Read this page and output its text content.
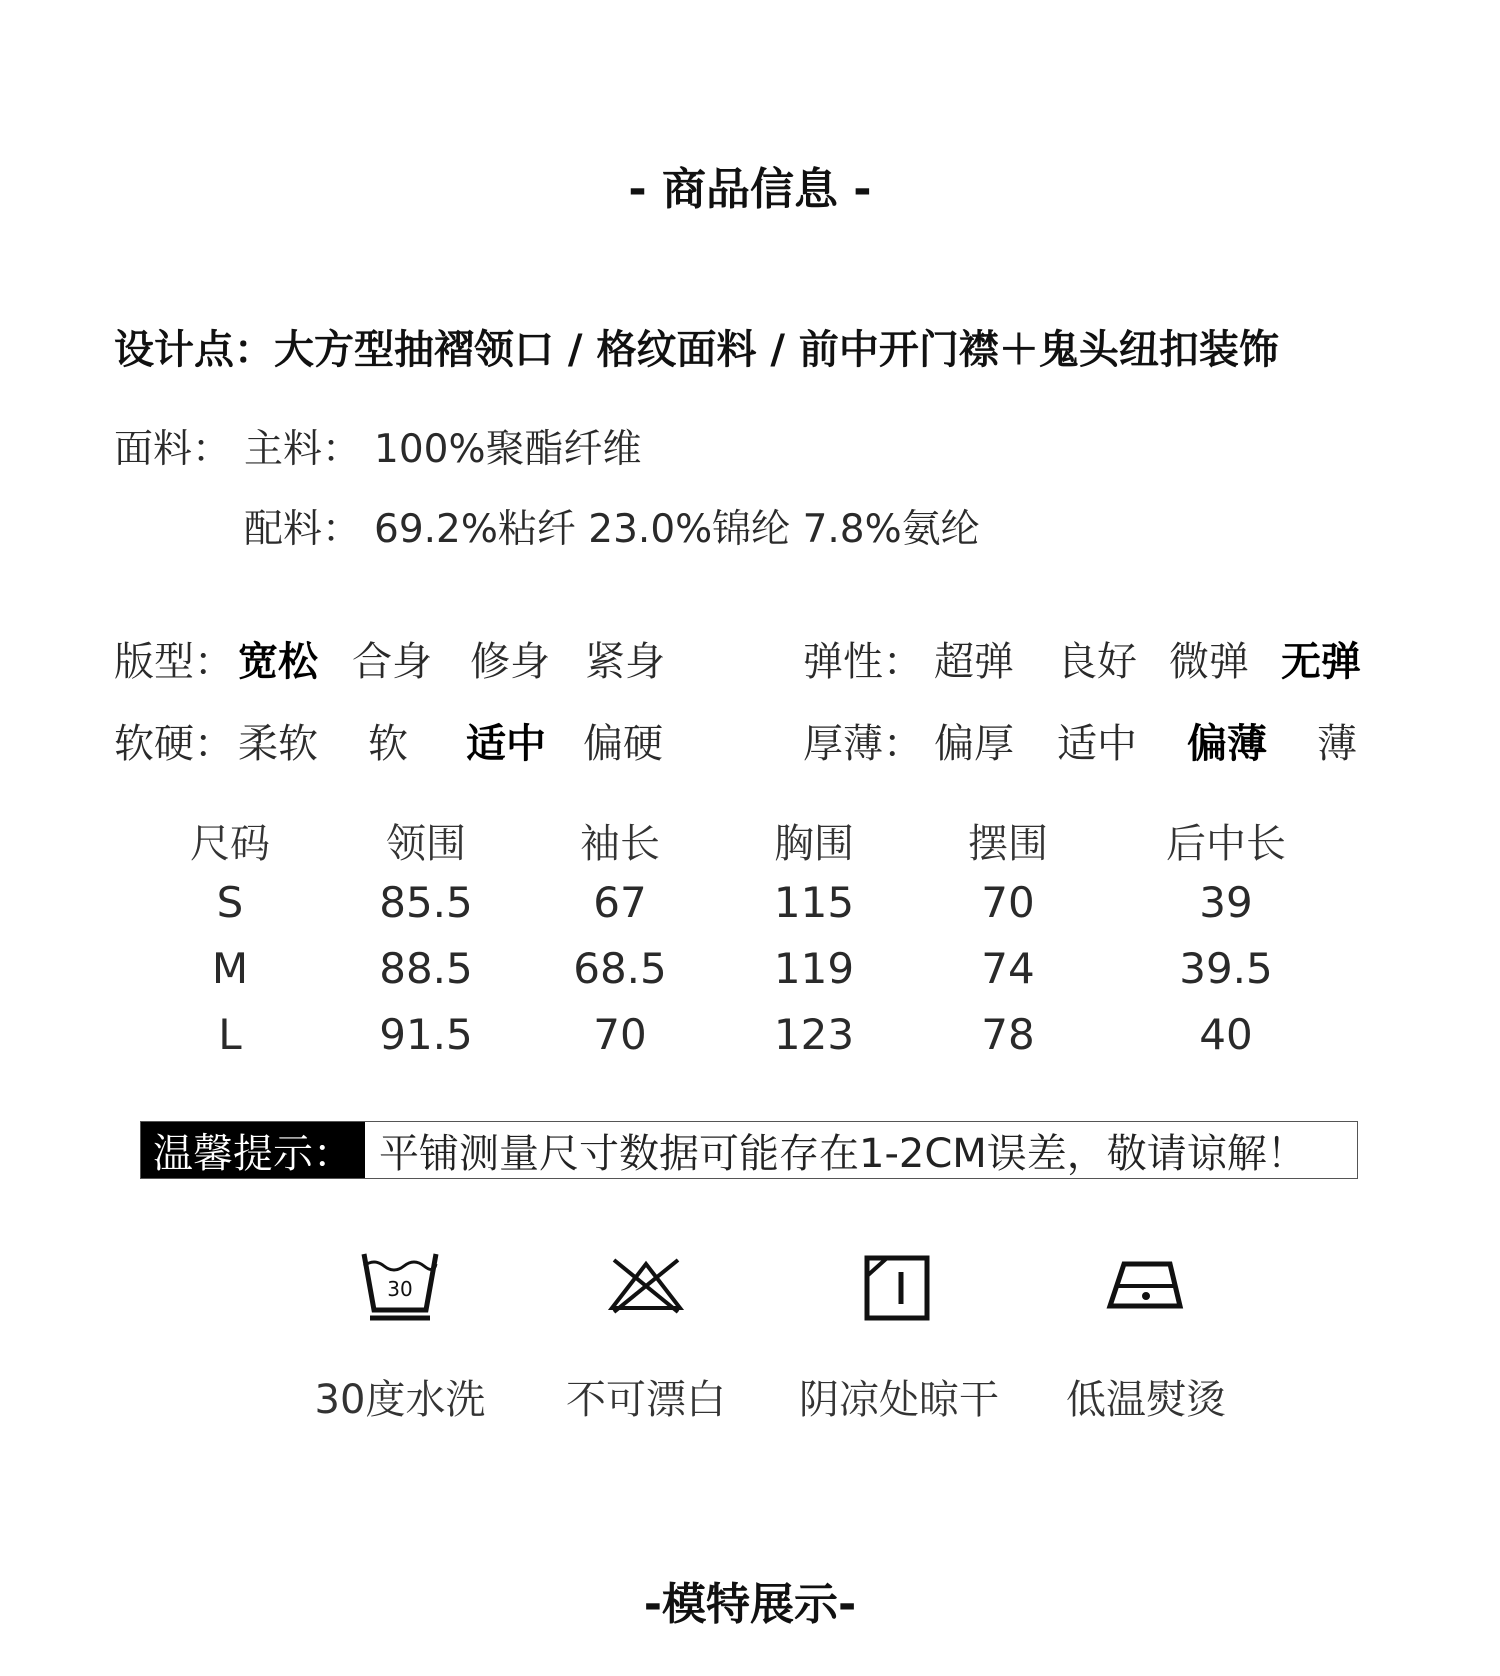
- 商品信息 -
设计点：大方型抽褶领口 / 格纹面料 / 前中开门襟＋鬼头纽扣装饰
面料： 主料： 100%聚酯纤维
配料： 69.2%粘纤 23.0%锦纶 7.8%氨纶
版型： 宽松 合身 修身 紧身	弹性： 超弹 良好 微弹 无弹
软硬： 柔软 软 适中 偏硬	厚薄： 偏厚 适中 偏薄 薄
尺码	领围	袖长	胸围	摆围	后中长
S	85.5	67	115	70	39
M	88.5	68.5	119	74	39.5
L	91.5	70	123	78	40
温馨提示： 平铺测量尺寸数据可能存在1-2CM误差，敬请谅解！
30
30度水洗	不可漂白	阴凉处晾干	低温熨烫
-模特展示-
